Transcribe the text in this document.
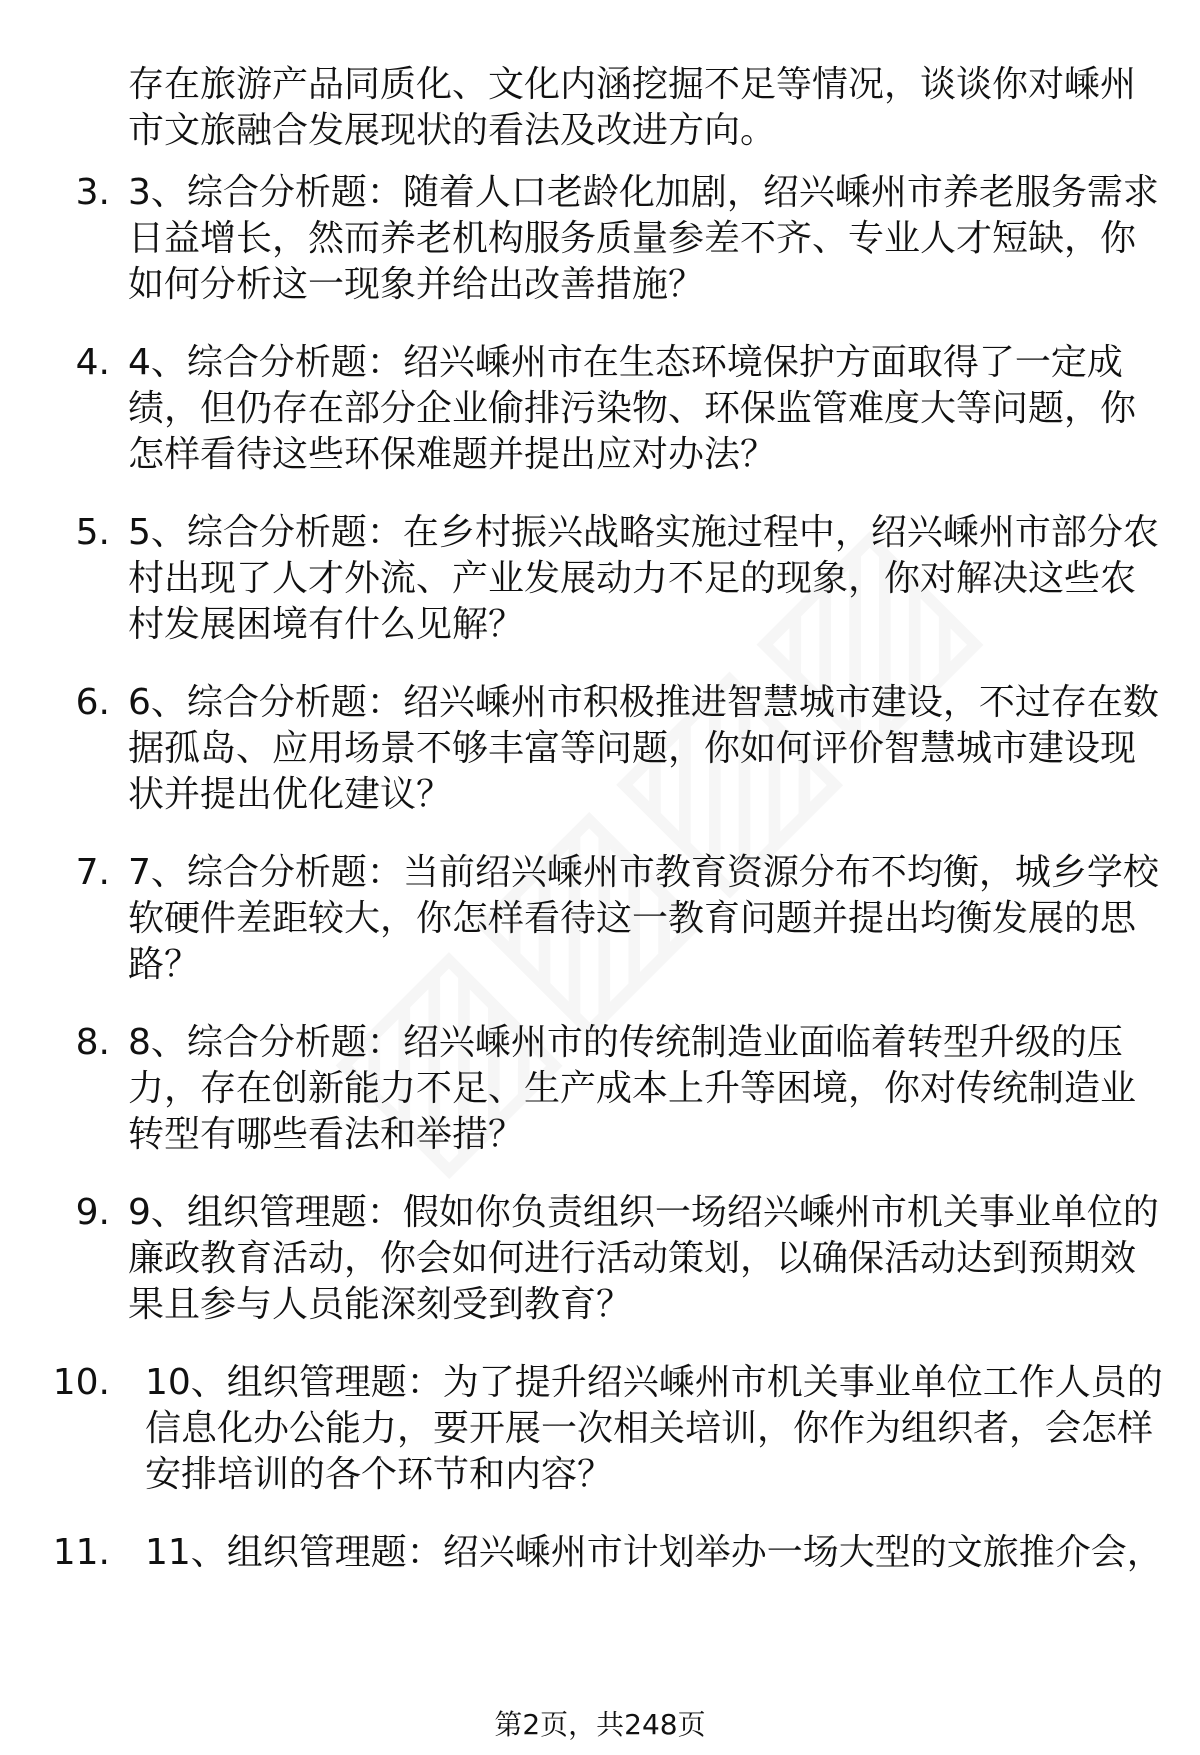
存在旅游产品同质化、文化内涵挖掘不足等情况，谈谈你对嵊州市文旅融合发展现状的看法及改进方向。
3. 3、综合分析题：随着人口老龄化加剧，绍兴嵊州市养老服务需求日益增长，然而养老机构服务质量参差不齐、专业人才短缺，你如何分析这一现象并给出改善措施？
4. 4、综合分析题：绍兴嵊州市在生态环境保护方面取得了一定成绩，但仍存在部分企业偷排污染物、环保监管难度大等问题，你怎样看待这些环保难题并提出应对办法？
5. 5、综合分析题：在乡村振兴战略实施过程中，绍兴嵊州市部分农村出现了人才外流、产业发展动力不足的现象，你对解决这些农村发展困境有什么见解？
6. 6、综合分析题：绍兴嵊州市积极推进智慧城市建设，不过存在数据孤岛、应用场景不够丰富等问题，你如何评价智慧城市建设现状并提出优化建议？
7. 7、综合分析题：当前绍兴嵊州市教育资源分布不均衡，城乡学校软硬件差距较大，你怎样看待这一教育问题并提出均衡发展的思路？
8. 8、综合分析题：绍兴嵊州市的传统制造业面临着转型升级的压力，存在创新能力不足、生产成本上升等困境，你对传统制造业转型有哪些看法和举措？
9. 9、组织管理题：假如你负责组织一场绍兴嵊州市机关事业单位的廉政教育活动，你会如何进行活动策划，以确保活动达到预期效果且参与人员能深刻受到教育？
10. 10、组织管理题：为了提升绍兴嵊州市机关事业单位工作人员的信息化办公能力，要开展一次相关培训，你作为组织者，会怎样安排培训的各个环节和内容？
11. 11、组织管理题：绍兴嵊州市计划举办一场大型的文旅推介会，
第2页，共248页
